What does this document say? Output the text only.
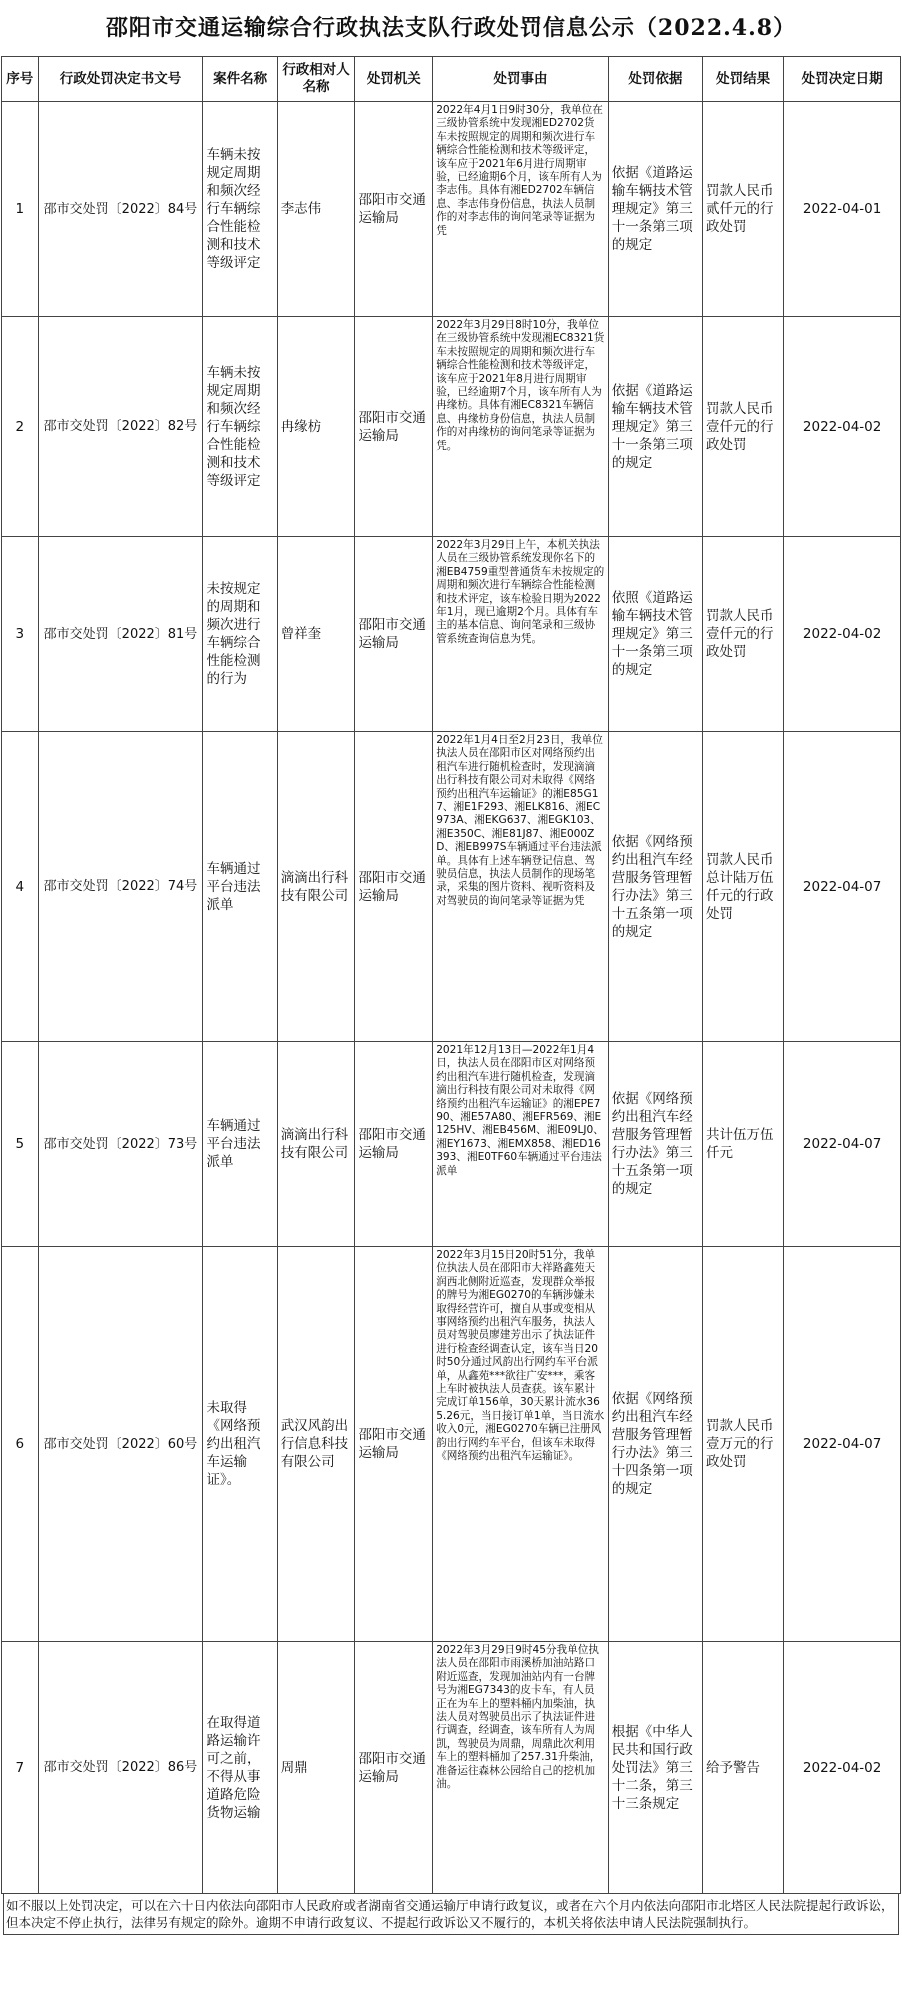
邵阳市交通运输综合行政执法支队行政处罚信息公示（2022.4.8）
序号	行政处罚决定书文号	案件名称	行政相对人名称	处罚机关	处罚事由	处罚依据	处罚结果	处罚决定日期
1	邵市交处罚〔2022〕84号	车辆未按规定周期和频次经行车辆综合性能检测和技术等级评定	李志伟	邵阳市交通运输局	2022年4月1日9时30分，我单位在三级协管系统中发现湘ED2702货车未按照规定的周期和频次进行车辆综合性能检测和技术等级评定，该车应于2021年6月进行周期审验，已经逾期6个月，该车所有人为李志伟。具体有湘ED2702车辆信息、李志伟身份信息，执法人员制作的对李志伟的询问笔录等证据为凭	依据《道路运输车辆技术管理规定》第三十一条第三项的规定	罚款人民币贰仟元的行政处罚	2022-04-01
2	邵市交处罚〔2022〕82号	车辆未按规定周期和频次经行车辆综合性能检测和技术等级评定	冉缘枋	邵阳市交通运输局	2022年3月29日8时10分，我单位在三级协管系统中发现湘EC8321货车未按照规定的周期和频次进行车辆综合性能检测和技术等级评定，该车应于2021年8月进行周期审验，已经逾期7个月，该车所有人为冉缘枋。具体有湘EC8321车辆信息、冉缘枋身份信息，执法人员制作的对冉缘枋的询问笔录等证据为凭。	依据《道路运输车辆技术管理规定》第三十一条第三项的规定	罚款人民币壹仟元的行政处罚	2022-04-02
3	邵市交处罚〔2022〕81号	未按规定的周期和频次进行车辆综合性能检测的行为	曾祥奎	邵阳市交通运输局	2022年3月29日上午，本机关执法人员在三级协管系统发现你名下的湘EB4759重型普通货车未按规定的周期和频次进行车辆综合性能检测和技术评定，该车检验日期为2022年1月，现已逾期2个月。具体有车主的基本信息、询问笔录和三级协管系统查询信息为凭。	依照《道路运输车辆技术管理规定》第三十一条第三项的规定	罚款人民币壹仟元的行政处罚	2022-04-02
4	邵市交处罚〔2022〕74号	车辆通过平台违法派单	滴滴出行科技有限公司	邵阳市交通运输局	2022年1月4日至2月23日，我单位执法人员在邵阳市区对网络预约出租汽车进行随机检查时，发现滴滴出行科技有限公司对未取得《网络预约出租汽车运输证》的湘E85G17、湘E1F293、湘ELK816、湘EC973A、湘EKG637、湘EGK103、湘E350C、湘E81J87、湘E000ZD、湘EB997S车辆通过平台违法派单。具体有上述车辆登记信息、驾驶员信息，执法人员制作的现场笔录，采集的图片资料、视听资料及对驾驶员的询问笔录等证据为凭	依据《网络预约出租汽车经营服务管理暂行办法》第三十五条第一项的规定	罚款人民币总计陆万伍仟元的行政处罚	2022-04-07
5	邵市交处罚〔2022〕73号	车辆通过平台违法派单	滴滴出行科技有限公司	邵阳市交通运输局	2021年12月13日—2022年1月4日，执法人员在邵阳市区对网络预约出租汽车进行随机检查，发现滴滴出行科技有限公司对未取得《网络预约出租汽车运输证》的湘EPE790、湘E57A80、湘EFR569、湘E125HV、湘EB456M、湘E09LJ0、湘EY1673、湘EMX858、湘ED16393、湘E0TF60车辆通过平台违法派单	依据《网络预约出租汽车经营服务管理暂行办法》第三十五条第一项的规定	共计伍万伍仟元	2022-04-07
6	邵市交处罚〔2022〕60号	未取得《网络预约出租汽车运输证》。	武汉风韵出行信息科技有限公司	邵阳市交通运输局	2022年3月15日20时51分，我单位执法人员在邵阳市大祥路鑫苑天润西北侧附近巡查，发现群众举报的牌号为湘EG0270的车辆涉嫌未取得经营许可，擅自从事或变相从事网络预约出租汽车服务，执法人员对驾驶员廖建芳出示了执法证件进行检查经调查认定，该车当日20时50分通过风韵出行网约车平台派单，从鑫苑***欲往广安***，乘客上车时被执法人员查获。该车累计完成订单156单，30天累计流水365.26元，当日接订单1单，当日流水收入0元，湘EG0270车辆已注册风韵出行网约车平台，但该车未取得《网络预约出租汽车运输证》。	依据《网络预约出租汽车经营服务管理暂行办法》第三十四条第一项的规定	罚款人民币壹万元的行政处罚	2022-04-07
7	邵市交处罚〔2022〕86号	在取得道路运输许可之前，不得从事道路危险货物运输	周鼎	邵阳市交通运输局	2022年3月29日9时45分我单位执法人员在邵阳市雨溪桥加油站路口附近巡查，发现加油站内有一台牌号为湘EG7343的皮卡车，有人员正在为车上的塑料桶内加柴油，执法人员对驾驶员出示了执法证件进行调查，经调查，该车所有人为周凯，驾驶员为周鼎，周鼎此次利用车上的塑料桶加了257.31升柴油，准备运往森林公园给自己的挖机加油。	根据《中华人民共和国行政处罚法》第三十二条，第三十三条规定	给予警告	2022-04-02
如不服以上处罚决定，可以在六十日内依法向邵阳市人民政府或者湖南省交通运输厅申请行政复议，或者在六个月内依法向邵阳市北塔区人民法院提起行政诉讼，但本决定不停止执行，法律另有规定的除外。逾期不申请行政复议、不提起行政诉讼又不履行的，本机关将依法申请人民法院强制执行。
